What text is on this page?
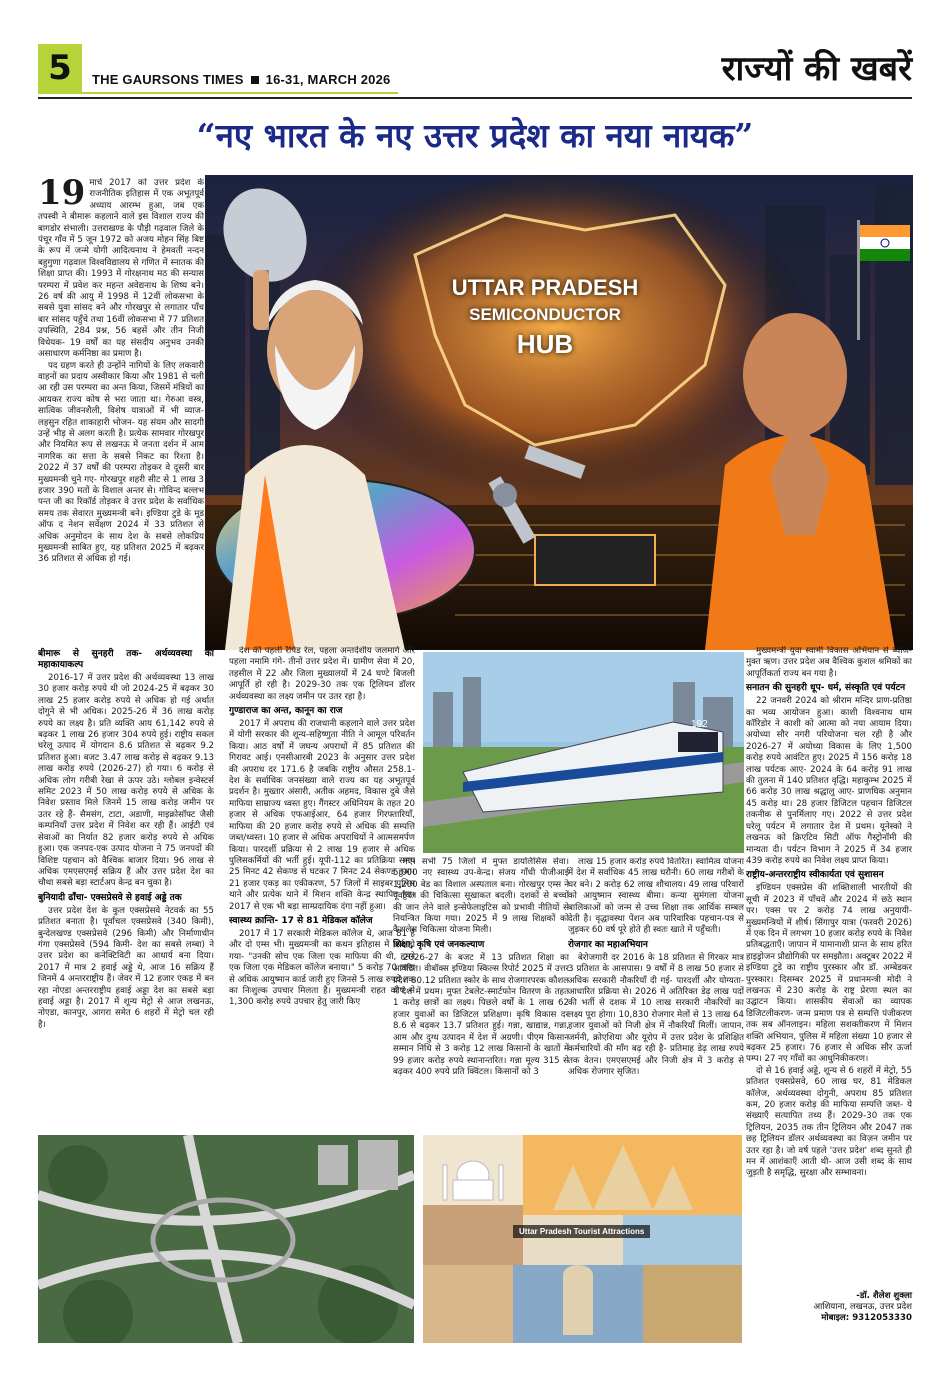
5	THE GAURSONS TIMES 16-31, MARCH 2026	राज्यों की खबरें
“नए भारत के नए उत्तर प्रदेश का नया नायक”
19 मार्च 2017 को उत्तर प्रदेश के राजनीतिक इतिहास में एक अभूतपूर्व अध्याय आरम्भ हुआ, जब एक तपस्वी ने बीमारू कहलाने वाले इस विशाल राज्य की बागडोर संभाली। उत्तराखण्ड के पौड़ी गढ़वाल जिले के पंचूर गाँव में 5 जून 1972 को अजय मोहन सिंह बिष्ट के रूप में जन्मे योगी आदित्यनाथ ने हेमवती नन्दन बहुगुणा गढ़वाल विश्वविद्यालय से गणित में स्नातक की शिक्षा प्राप्त की। 1993 में गोरक्षनाथ मठ की सन्यास परम्परा में प्रवेश कर महन्त अवेद्यनाथ के शिष्य बने। 26 वर्ष की आयु में 1998 में 12वीं लोकसभा के सबसे युवा सांसद बने और गोरखपुर से लगातार पाँच बार सांसद पहुँचे तथा 16वीं लोकसभा में 77 प्रतिशत उपस्थिति, 284 प्रश्न, 56 बहसें और तीन निजी विधेयक- 19 वर्षों का यह संसदीय अनुभव उनकी असाधारण कर्मनिष्ठा का प्रमाण है।

पद ग्रहण करते ही उन्होंने नागियों के लिए लकवारी वाहनों का प्रदाय अस्वीकार किया और 1981 से चली आ रही उस परम्परा का अन्त किया, जिसमें मंत्रियों का आयकर राज्य कोष से भरा जाता था। गेरुआ वस्त्र, सात्विक जीवनशैली, विशेष यात्राओं में भी व्याज-लहसुन रहित शाकाहारी भोजन- यह संयम और सादगी उन्हें भीड़ से अलग करती है। प्रत्येक सामवार गोरखपुर और नियमित रूप से लखनऊ में जनता दर्शन में आम नागरिक का सत्ता के सबसे निकट का रिश्ता है। 2022 में 37 वर्षों की परम्परा तोड़कर वे दूसरी बार मुख्यमन्त्री चुने गए- गोरखपुर शहरी सीट से 1 लाख 3 हजार 390 मतों के विशाल अन्तर से। गोविन्द बल्लभ पन्त जी का रिकॉर्ड तोड़कर वे उत्तर प्रदेश के सर्वाधिक समय तक सेवारत मुख्यमन्त्री बने। इण्डिया टुडे के मूड ऑफ द नेशन सर्वेक्षण 2024 में 33 प्रतिशत से अधिक अनुमोदन के साथ देश के सबसे लोकप्रिय मुख्यमन्त्री साबित हुए, यह प्रतिशत 2025 में बढ़कर 36 प्रतिशत से अधिक हो गई।

UTTAR PRADESH
SEMICONDUCTOR
HUB
बीमारू से सुनहरी तक- अर्थव्यवस्था का महाकायाकल्प

2016-17 में उत्तर प्रदेश की अर्थव्यवस्था 13 लाख 30 हजार करोड़ रुपये थी जो 2024-25 में बढ़कर 30 लाख 25 हजार करोड़ रुपये से अधिक हो गई अर्थात दोगुने से भी अधिक। 2025-26 में 36 लाख करोड़ रुपये का लक्ष्य है। प्रति व्यक्ति आय 61,142 रुपये से बढ़कर 1 लाख 26 हजार 304 रुपये हुई। राष्ट्रीय सकल घरेलू उत्पाद में योगदान 8.6 प्रतिशत से बढ़कर 9.2 प्रतिशत हुआ। बजट 3.47 लाख करोड़ से बढ़कर 9.13 लाख करोड़ रुपये (2026-27) हो गया। 6 करोड़ से अधिक लोग गरीबी रेखा से ऊपर उठे। ग्लोबल इन्वेस्टर्स समिट 2023 में 50 लाख करोड़ रुपये से अधिक के निवेश प्रस्ताव मिले जिनमें 15 लाख करोड़ जमीन पर उतर रहे हैं- सैमसंग, टाटा, अडाणी, माइक्रोसॉफ्ट जैसी कम्पनियाँ उत्तर प्रदेश में निवेश कर रही हैं। आईटी एवं सेवाओं का निर्यात 82 हजार करोड़ रुपये से अधिक हुआ। एक जनपद-एक उत्पाद योजना ने 75 जनपदों की विशिष्ट पहचान को वैश्विक बाजार दिया। 96 लाख से अधिक एमएसएमई सक्रिय हैं और उत्तर प्रदेश देश का चौथा सबसे बड़ा स्टार्टअप केन्द्र बन चुका है।

बुनियादी ढाँचा- एक्सप्रेसवे से हवाई अड्डे तक

उत्तर प्रदेश देश के कुल एक्सप्रेसवे नेटवर्क का 55 प्रतिशत बनाता है। पूर्वांचल एक्सप्रेसवे (340 किमी), बुन्देलखण्ड एक्सप्रेसवे (296 किमी) और निर्माणाधीन गंगा एक्सप्रेसवे (594 किमी- देश का सबसे लम्बा) ने उत्तर प्रदेश का कनेक्टिविटी का आधार्य बना दिया। 2017 में मात्र 2 हवाई अड्डे थे, आज 16 सक्रिय हैं जिनमें 4 अन्तरराष्ट्रीय हैं। जेवर में 12 हजार एकड़ में बन रहा नोएडा अन्तरराष्ट्रीय हवाई अड्डा देश का सबसे बड़ा हवाई अड्डा है। 2017 में शून्य मेट्रो से आज लखनऊ, नोएडा, कानपुर, आगरा समेत 6 शहरों में मेट्रो चल रही है।

देश की पहली रैपिड रेल, पहला अन्तर्देशीय जलमार्ग और पहला नमामि गंगे- तीनों उत्तर प्रदेश में। ग्रामीण सेवा में 20, तहसील में 22 और जिला मुख्यालयों में 24 घण्टे बिजली आपूर्ति हो रही है। 2029-30 तक एक ट्रिलियन डॉलर अर्थव्यवस्था का लक्ष्य जमीन पर उतर रहा है।

गुण्डाराज का अन्त, कानून का राज

2017 में अपराध की राजधानी कहलाने वाले उत्तर प्रदेश में योगी सरकार की शून्य-सहिष्णुता नीति ने आमूल परिवर्तन किया। आठ वर्षों में जघन्य अपराधों में 85 प्रतिशत की गिरावट आई। एनसीआरबी 2023 के अनुसार उत्तर प्रदेश की अपराध दर 171.6 है जबकि राष्ट्रीय औसत 258.1- देश के सर्वाधिक जनसंख्या वाले राज्य का यह अभूतपूर्व प्रदर्शन है। मुख्तार अंसारी, अतीक अहमद, विकास दुबे जैसे माफिया साम्राज्य ध्वस्त हुए। गैंगस्टर अधिनियम के तहत 20 हजार से अधिक एफआईआर, 64 हजार गिरफ्तारियाँ, माफिया की 20 हजार करोड़ रुपये से अधिक की सम्पत्ति जब्त/ध्वस्त। 10 हजार से अधिक अपराधियों ने आत्मसमर्पण किया। पारदर्शी प्रक्रिया से 2 लाख 19 हजार से अधिक पुलिसकर्मियों की भर्ती हुई। यूपी-112 का प्रतिक्रिया समय 25 मिनट 42 सेकण्ड से घटकर 7 मिनट 24 सेकण्ड हुआ। 21 हजार एकड़ का एकीकरण, 57 जिलों में साइबर पुलिस थाने और प्रत्येक थाने में मिशन शक्ति केन्द्र स्थापित हुए। 2017 से एक भी बड़ा साम्प्रदायिक दंगा नहीं हुआ।

स्वास्थ्य क्रान्ति- 17 से 81 मेडिकल कॉलेज

2017 में 17 सरकारी मेडिकल कॉलेज थे, आज 81 हैं और दो एम्स भी। मुख्यमन्त्री का कथन इतिहास में दर्ज हो गया- "उनकी सोच एक जिला एक माफिया की थी, हमने एक जिला एक मेडिकल कॉलेज बनाया।" 5 करोड़ 70 लाख से अधिक आयुष्मान कार्ड जारी हुए जिनसे 5 लाख रुपये तक का निःशुल्क उपचार मिलता है। मुख्यमन्त्री राहत कोष से 1,300 करोड़ रुपये उपचार हेतु जारी किए

192

गए। सभी 75 जिलों में मुफ्त डायलिसिस सेवा। 5,000 नए स्वास्थ्य उप-केन्द्र। संजय गाँधी पीजीआई 1,200 बेड का विशाल अस्पताल बना। गोरखपुर एम्स ने पूर्वांचल की चिकित्सा सूखाकत बदली। दशकों से बच्चों की जान लेने वाले इन्सेफेलाइटिस को प्रभावी नीतियों से नियन्त्रित किया गया। 2025 में 9 लाख शिक्षकों को कैशलेस चिकित्सा योजना मिली।

शिक्षा, कृषि एवं जनकल्याण

2026-27 के बजट में 13 प्रतिशत शिक्षा का आवंटित। वीबॉक्स इण्डिया स्किल्स रिपोर्ट 2025 में उत्तर प्रदेश 80.12 प्रतिशत स्कोर के साथ रोजगारपरक कौशल में देश में प्रथम। मुफ्त टेबलेट-स्मार्टफोन वितरण के तहत 1 करोड़ छात्रों का लक्ष्य। पिछले वर्षों के 1 लाख 62 हजार युवाओं का डिजिटल प्रशिक्षण। कृषि विकास दर 8.6 से बढ़कर 13.7 प्रतिशत हुई। गन्ना, खाद्यान्न, गन्ना, आम और दुग्ध उत्पादन में देश में अग्रणी। पीएम किसान सम्मान निधि से 3 करोड़ 12 लाख किसानों के खातों में 99 हजार करोड़ रुपये स्थानान्तरित। गन्ना मूल्य 315 से बढ़कर 400 रुपये प्रति क्विंटल। किसानों को 3

लाख 15 हजार करोड़ रुपये वितरित। स्वामित्व योजना में देश में सर्वाधिक 45 लाख घरौनी। 60 लाख गरीबों के घर बने। 2 करोड़ 62 लाख शौचालय। 49 लाख परिवारों को आयुष्मान स्वास्थ्य बीमा। कन्या सुमंगला योजना बालिकाओं को जन्म से उच्च शिक्षा तक आर्थिक सम्बल देती है। वृद्धावस्था पेंशन अब पारिवारिक पहचान-पत्र से जुड़कर 60 वर्ष पूरे होते ही स्वतः खाते में पहुँचती।

रोजगार का महाअभियान

बेरोजगारी दर 2016 के 18 प्रतिशत से गिरकर मात्र 3 प्रतिशत के आसपास। 9 वर्षों में 8 लाख 50 हजार से अधिक सरकारी नौकरियाँ दी गई- पारदर्शी और योग्यता-आधारित प्रक्रिया से। 2026 में अतिरिक्त डेढ़ लाख पदों की भर्ती से दशक में 10 लाख सरकारी नौकरियों का लक्ष्य पूरा होगा। 10,830 रोजगार मेलों से 13 लाख 64 हजार युवाओं को निजी क्षेत्र में नौकरियाँ मिलीं। जापान, जर्मनी, क्रोएशिया और यूरोप में उत्तर प्रदेश के प्रशिक्षित कर्मचारियों की माँग बढ़ रही है- प्रतिमाह डेढ़ लाख रुपये तक वेतन। एमएसएमई और निजी क्षेत्र में 3 करोड़ से अधिक रोजगार सृजित।

मुख्यमन्त्री युवा स्वामी विकास अभियान से ब्याज-मुक्त ऋण। उत्तर प्रदेश अब वैश्विक कुशल श्रमिकों का आपूर्तिकर्ता राज्य बन गया है।

सनातन की सुनहरी धूप- धर्म, संस्कृति एवं पर्यटन

22 जनवरी 2024 को श्रीराम मन्दिर प्राण-प्रतिष्ठा का भव्य आयोजन हुआ। काशी विश्वनाथ धाम कॉरिडोर ने काशी को आत्मा को नया आयाम दिया। अयोध्या सौर नगरी परियोजना चल रही है और 2026-27 में अयोध्या विकास के लिए 1,500 करोड़ रुपये आवंटित हुए। 2025 में 156 करोड़ 18 लाख पर्यटक आए- 2024 के 64 करोड़ 91 लाख की तुलना में 140 प्रतिशत वृद्धि। महाकुम्भ 2025 में 66 करोड़ 30 लाख श्रद्धालु आए- प्राणघिक अनुमान 45 करोड़ था। 28 हजार डिजिटल पहचान डिजिटल तकनीक से पुनर्मिलाए गए। 2022 से उत्तर प्रदेश घरेलू पर्यटन में लगातार देश में प्रथम। यूनेस्को ने लखनऊ को क्रिएटिव सिटी ऑफ गैस्ट्रोनॉमी की मान्यता दी। पर्यटन विभाग ने 2025 में 34 हजार 439 करोड़ रुपये का निवेश लक्ष्य प्राप्त किया।

राष्ट्रीय-अन्तरराष्ट्रीय स्वीकार्यता एवं सुशासन

इण्डियन एक्सप्रेस की शक्तिशाली भारतीयों की सूची में 2023 में पाँचवें और 2024 में छठे स्थान पर। एक्स पर 2 करोड़ 74 लाख अनुयायी- मुख्यमन्त्रियों में शीर्ष। सिंगापुर यात्रा (फरवरी 2026) में एक दिन में लगभग 10 हजार करोड़ रुपये के निवेश प्रतिबद्धताएँ। जापान में यामानाशी प्रान्त के साथ हरित हाइड्रोजन प्रौद्योगिकी पर समझौता। अक्टूबर 2022 में इण्डिया टुडे का राष्ट्रीय पुरस्कार और डॉ. अम्बेडकर पुरस्कार। दिसम्बर 2025 में प्रधानमन्त्री मोदी ने लखनऊ में 230 करोड़ के राष्ट्र प्रेरणा स्थल का उद्घाटन किया। शासकीय सेवाओं का व्यापक डिजिटलीकरण- जन्म प्रमाण पत्र से सम्पत्ति पंजीकरण तक सब ऑनलाइन। महिला सशक्तीकरण में मिशन शक्ति अभियान, पुलिस में महिला संख्या 10 हजार से बढ़कर 25 हजार। 76 हजार से अधिक सौर ऊर्जा पम्प। 27 नए गाँवों का आधुनिकीकरण।

दो से 16 हवाई अड्डे, शून्य से 6 शहरों में मेट्रो, 55 प्रतिशत एक्सप्रेसवे, 60 लाख घर, 81 मेडिकल कॉलेज, अर्थव्यवस्था दोगुनी, अपराध 85 प्रतिशत कम, 20 हजार करोड़ की माफिया सम्पत्ति जब्त- ये संख्याएँ सत्यापित तथ्य हैं। 2029-30 तक एक ट्रिलियन, 2035 तक तीन ट्रिलियन और 2047 तक छह ट्रिलियन डॉलर अर्थव्यवस्था का विज़न जमीन पर उतर रहा है। जो वर्ष पहले 'उत्तर प्रदेश' शब्द सुनते ही मन में आशंकाएँ आती थी- आज उसी शब्द के साथ जुड़ती है समृद्धि, सुरक्षा और सम्भावना।

-डॉ. शैलेश शुक्ला
आशियाना, लखनऊ, उत्तर प्रदेश
मोबाइल: 9312053330
Uttar Pradesh Tourist Attractions
